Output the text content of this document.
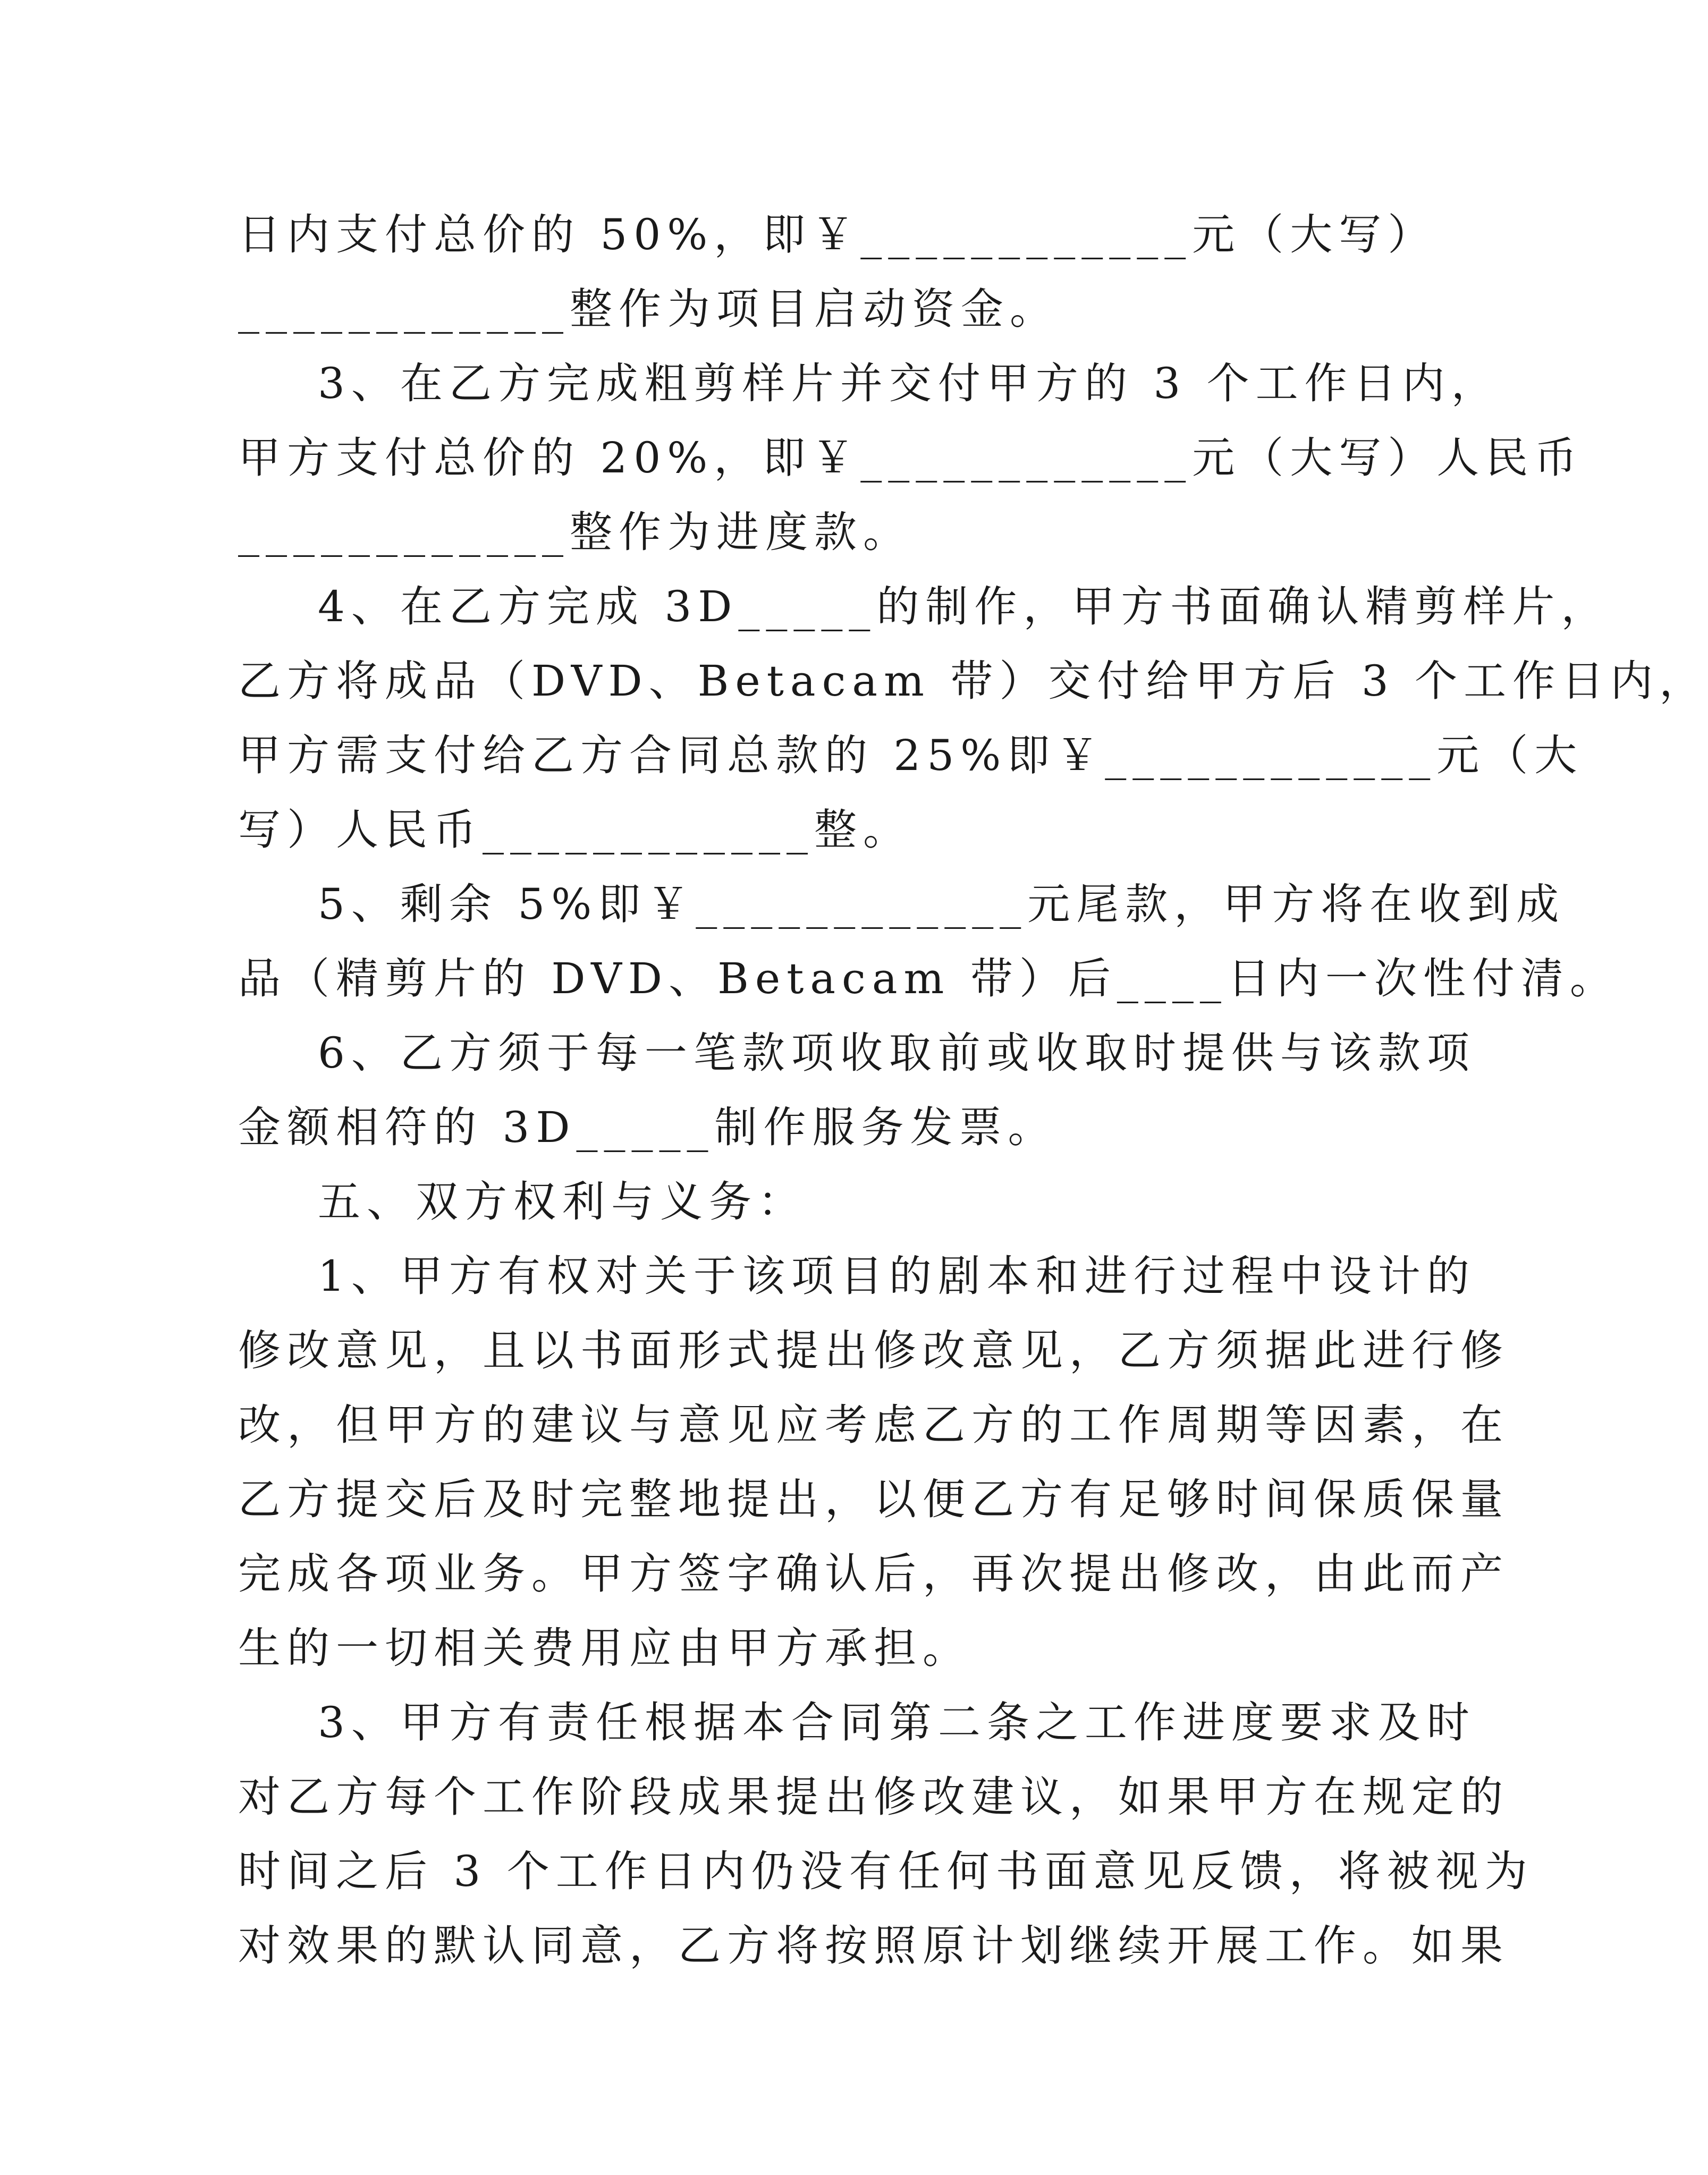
日内支付总价的 50%，即￥____________元（大写）
____________整作为项目启动资金。
3、在乙方完成粗剪样片并交付甲方的 3 个工作日内，
甲方支付总价的 20%，即￥____________元（大写）人民币
____________整作为进度款。
4、在乙方完成 3D_____的制作，甲方书面确认精剪样片，
乙方将成品（DVD、Betacam 带）交付给甲方后 3 个工作日内，
甲方需支付给乙方合同总款的 25%即￥____________元（大
写）人民币____________整。
5、剩余 5%即￥____________元尾款，甲方将在收到成
品（精剪片的 DVD、Betacam 带）后____日内一次性付清。
6、乙方须于每一笔款项收取前或收取时提供与该款项
金额相符的 3D_____制作服务发票。
五、双方权利与义务：
1、甲方有权对关于该项目的剧本和进行过程中设计的
修改意见，且以书面形式提出修改意见，乙方须据此进行修
改，但甲方的建议与意见应考虑乙方的工作周期等因素，在
乙方提交后及时完整地提出，以便乙方有足够时间保质保量
完成各项业务。甲方签字确认后，再次提出修改，由此而产
生的一切相关费用应由甲方承担。
3、甲方有责任根据本合同第二条之工作进度要求及时
对乙方每个工作阶段成果提出修改建议，如果甲方在规定的
时间之后 3 个工作日内仍没有任何书面意见反馈，将被视为
对效果的默认同意，乙方将按照原计划继续开展工作。如果
